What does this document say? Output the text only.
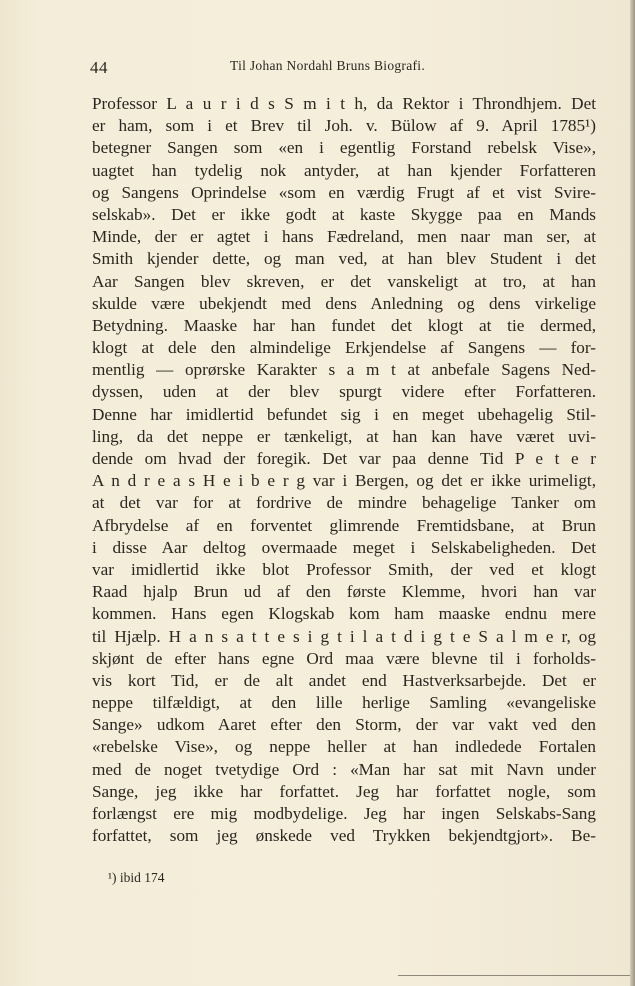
44	Til Johan Nordahl Bruns Biografi.
Professor L a u r i d s S m i t h, da Rektor i Throndhjem. Det
er ham, som i et Brev til Joh. v. Bülow af 9. April 1785¹)
betegner Sangen som «en i egentlig Forstand rebelsk Vise»,
uagtet han tydelig nok antyder, at han kjender Forfatteren
og Sangens Oprindelse «som en værdig Frugt af et vist Svire-
selskab». Det er ikke godt at kaste Skygge paa en Mands
Minde, der er agtet i hans Fædreland, men naar man ser, at
Smith kjender dette, og man ved, at han blev Student i det
Aar Sangen blev skreven, er det vanskeligt at tro, at han
skulde være ubekjendt med dens Anledning og dens virkelige
Betydning. Maaske har han fundet det klogt at tie dermed,
klogt at dele den almindelige Erkjendelse af Sangens — for-
mentlig — oprørske Karakter s a m t at anbefale Sagens Ned-
dyssen, uden at der blev spurgt videre efter Forfatteren.
Denne har imidlertid befundet sig i en meget ubehagelig Stil-
ling, da det neppe er tænkeligt, at han kan have været uvi-
dende om hvad der foregik. Det var paa denne Tid P e t e r
A n d r e a s H e i b e r g var i Bergen, og det er ikke urimeligt,
at det var for at fordrive de mindre behagelige Tanker om
Afbrydelse af en forventet glimrende Fremtidsbane, at Brun
i disse Aar deltog overmaade meget i Selskabeligheden. Det
var imidlertid ikke blot Professor Smith, der ved et klogt
Raad hjalp Brun ud af den første Klemme, hvori han var
kommen. Hans egen Klogskab kom ham maaske endnu mere
til Hjælp. H a n s a t t e s i g t i l a t d i g t e S a l m e r, og
skjønt de efter hans egne Ord maa være blevne til i forholds-
vis kort Tid, er de alt andet end Hastverksarbejde. Det er
neppe tilfældigt, at den lille herlige Samling «evangeliske
Sange» udkom Aaret efter den Storm, der var vakt ved den
«rebelske Vise», og neppe heller at han indledede Fortalen
med de noget tvetydige Ord : «Man har sat mit Navn under
Sange, jeg ikke har forfattet. Jeg har forfattet nogle, som
forlængst ere mig modbydelige. Jeg har ingen Selskabs-Sang
forfattet, som jeg ønskede ved Trykken bekjendtgjort». Be-
¹) ibid 174
